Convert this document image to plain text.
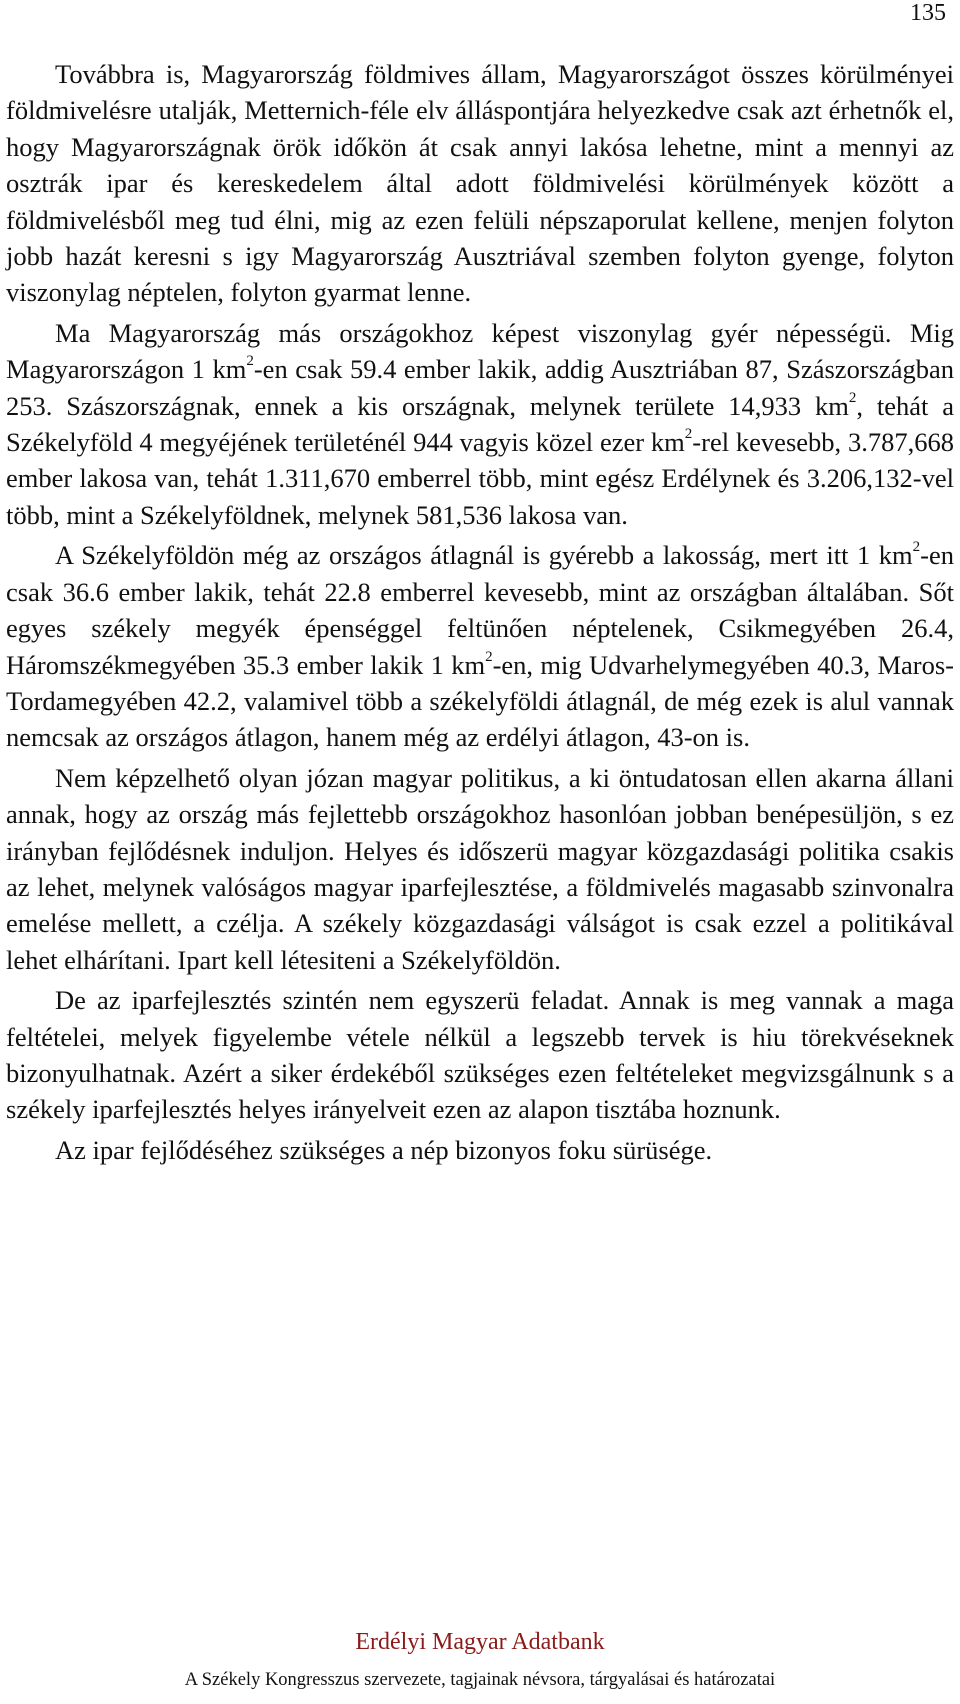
135

Továbbra is, Magyarország földmives állam, Magyarországot összes körülményei földmivelésre utalják, Metternich-féle elv álláspontjára helyezkedve csak azt érhetnők el, hogy Magyarországnak örök időkön át csak annyi lakósa lehetne, mint a mennyi az osztrák ipar és kereskedelem által adott földmivelési körülmények között a földmivelésből meg tud élni, mig az ezen felüli népszaporulat kellene, menjen folyton jobb hazát keresni s igy Magyarország Ausztriával szemben folyton gyenge, folyton viszonylag néptelen, folyton gyarmat lenne.

Ma Magyarország más országokhoz képest viszonylag gyér népességü. Mig Magyarországon 1 $km^2-en$ csak 59.4 ember lakik, addig Ausztriában 87, Szászországban 253. Szászországnak, ennek a kis országnak, melynek területe 14,933 $km^2$, tehát a Székelyföld 4 megyéjének területénél 944 vagyis közel ezer $km^2$-rel kevesebb, 3.787,668 ember lakosa van, tehát 1.311,670 emberrel több, mint egész Erdélynek és 3.206,132-vel több, mint a Székelyföldnek, melynek 581,536 lakosa van.

A Székelyföldön még az országos átlagnál is gyérebb a lakosság, mert itt 1 $km^2-en$ csak 36.6 ember lakik, tehát 22.8 emberrel kevesebb, mint az országban általában. Sőt egyes székely megyék épenséggel feltünően néptelenek, Csikmegyében 26.4, Háromszékmegyében 35.3 ember lakik 1 $km^2-en$, mig Udvarhelymegyében 40.3, Maros-Tordamegyében 42.2, valamivel több a székelyföldi átlagnál, de még ezek is alul vannak nemcsak az országos átlagon, hanem még az erdélyi átlagon, 43-on is.

Nem képzelhető olyan józan magyar politikus, a ki öntudatosan ellen akarna állani annak, hogy az ország más fejlettebb országokhoz hasonlóan jobban benépesüljön, s ez irányban fejlődésnek induljon. Helyes és időszerü magyar közgazdasági politika csakis az lehet, melynek valóságos magyar iparfejlesztése, a földmivelés magasabb szinvonalra emelése mellett, a czélja. A székely közgazdasági válságot is csak ezzel a politikával lehet elhárítani. Ipart kell létesiteni a Székelyföldön.

De az iparfejlesztés szintén nem egyszerü feladat. Annak is meg vannak a maga feltételei, melyek figyelembe vétele nélkül a legszebb tervek is hiu törekvéseknek bizonyulhatnak. Azért a siker érdekéből szükséges ezen feltételeket megvizsgálnunk s a székely iparfejlesztés helyes irányelveit ezen az alapon tisztába hoznunk.

Az ipar fejlődéséhez szükséges a nép bizonyos foku sürüsége.

Erdélyi Magyar Adatbank
A Székely Kongresszus szervezete, tagjainak névsora, tárgyalásai és határozatai
